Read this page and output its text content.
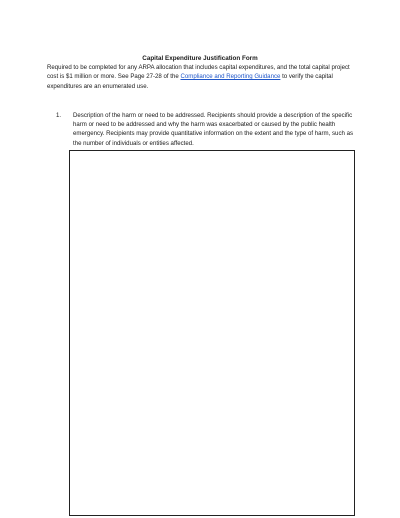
Capital Expenditure Justification Form
Required to be completed for any ARPA allocation that includes capital expenditures, and the total capital project cost is $1 million or more. See Page 27-28 of the Compliance and Reporting Guidance to verify the capital expenditures are an enumerated use.
1. Description of the harm or need to be addressed. Recipients should provide a description of the specific harm or need to be addressed and why the harm was exacerbated or caused by the public health emergency. Recipients may provide quantitative information on the extent and the type of harm, such as the number of individuals or entities affected.
